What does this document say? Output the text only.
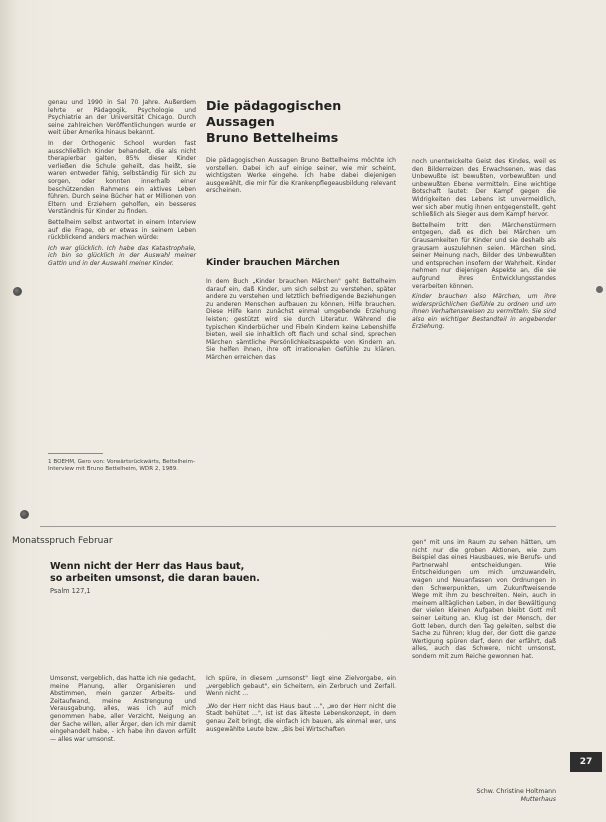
genau und 1990 in Sal 70 Jahre. Außerdem lehrte er Pädagogik, Psychologie und Psychiatrie an der Universität Chicago. Durch seine zahlreichen Veröffentlichungen wurde er weit über Amerika hinaus bekannt.

In der Orthogenic School wurden fast ausschließlich Kinder behandelt, die als nicht therapierbar galten, 85% dieser Kinder verließen die Schule geheilt, das heißt, sie waren entweder fähig, selbständig für sich zu sorgen, oder konnten innerhalb einer beschützenden Rahmens ein aktives Leben führen. Durch seine Bücher hat er Millionen von Eltern und Erziehern geholfen, ein besseres Verständnis für Kinder zu finden.

Bettelheim selbst antwortet in einem Interview auf die Frage, ob er etwas in seinem Leben rückblickend anders machen würde:

Ich war glücklich. Ich habe das Katastrophale, ich bin so glücklich in der Auswahl meiner Gattin und in der Auswahl meiner Kinder.

1 BOEHM, Gero von: Vorwärtsrückwärts, Bettelheim-Interview mit Bruno Bettelheim, WDR 2, 1989.
Die pädagogischen Aussagen
Bruno Bettelheims

Die pädagogischen Aussagen Bruno Bettelheims möchte ich vorstellen. Dabei ich auf einige seiner, wie mir scheint, wichtigsten Werke eingehe. Ich habe dabei diejenigen ausgewählt, die mir für die Krankenpflegeausbildung relevant erscheinen.

Kinder brauchen Märchen

In dem Buch „Kinder brauchen Märchen" geht Bettelheim darauf ein, daß Kinder, um sich selbst zu verstehen, später andere zu verstehen und letztlich befriedigende Beziehungen zu anderen Menschen aufbauen zu können, Hilfe brauchen. Diese Hilfe kann zunächst einmal umgebende Erziehung leisten; gestützt wird sie durch Literatur. Während die typischen Kinderbücher und Fibeln Kindern keine Lebenshilfe bieten, weil sie inhaltlich oft flach und schal sind, sprechen Märchen sämtliche Persönlichkeitsaspekte von Kindern an. Sie helfen ihnen, ihre oft irrationalen Gefühle zu klären. Märchen erreichen das

noch unentwickelte Geist des Kindes, weil es den Bilderreizen des Erwachsenen, was das Unbewußte ist bewußten, vorbewußten und unbewußten Ebene vermitteln. Eine wichtige Botschaft lautet: Der Kampf gegen die Widrigkeiten des Lebens ist unvermeidlich, wer sich aber mutig ihnen entgegenstellt, geht schließlich als Sieger aus dem Kampf hervor.

Bettelheim tritt den Märchenstürmern entgegen, daß es dich bei Märchen um Grausamkeiten für Kinder und sie deshalb als grausam auszulehnen seien. Märchen sind, seiner Meinung nach, Bilder des Unbewußten und entsprechen insofern der Wahrheit. Kinder nehmen nur diejenigen Aspekte an, die sie aufgrund ihres Entwicklungsstandes verarbeiten können.

Kinder brauchen also Märchen, um ihre widersprüchlichen Gefühle zu ordnen und um ihnen Verhaltensweisen zu vermitteln. Sie sind also ein wichtiger Bestandteil in angebender Erziehung.

Monatsspruch Februar
Wenn nicht der Herr das Haus baut,
so arbeiten umsonst, die daran bauen.
Psalm 127,1

Umsonst, vergeblich, das hatte ich nie gedacht, meine Planung, aller Organisieren und Abstimmen, mein ganzer Arbeits- und Zeitaufwand, meine Anstrengung und Verausgabung, alles, was ich auf mich genommen habe, aller Verzicht, Neigung an der Sache willen, aller Ärger, den ich mir damit eingehandelt habe, - ich habe ihn davon erfüllt — alles war umsonst.

Ich spüre, in diesem „umsonst" liegt eine Zielvorgabe, ein „vergeblich gebaut", ein Scheitern, ein Zerbruch und Zerfall. Wenn nicht …

„Wo der Herr nicht das Haus baut …", „wo der Herr nicht die Stadt behütet …", ist ist das älteste Lebenskonzept, in dem genau Zeit bringt, die einfach ich bauen, als einmal wer, uns ausgewählte Leute bzw. „Bis bei Wirtschaften

gen" mit uns im Raum zu sehen hätten, um nicht nur die groben Aktionen, wie zum Beispiel das eines Hausbaues, wie Berufs- und Partnerwahl entscheidungen. Wie Entscheidungen um mich umzuwandeln, wagen und Neuanfassen von Ordnungen in den Schwerpunkten, um Zukunftweisende Wege mit ihm zu beschreiten. Nein, auch in meinem alltäglichen Leben, in der Bewältigung der vielen kleinen Aufgaben bleibt Gott mit seiner Leitung an. Klug ist der Mensch, der Gott leben, durch den Tag geleiten, selbst die Sache zu führen; klug der, der Gott die ganze Wertigung spüren darf, denn der erfährt, daß alles, auch das Schwere, nicht umsonst, sondern mit zum Reiche gewonnen hat.

Schw. Christine Holtmann
Mutterhaus
27
